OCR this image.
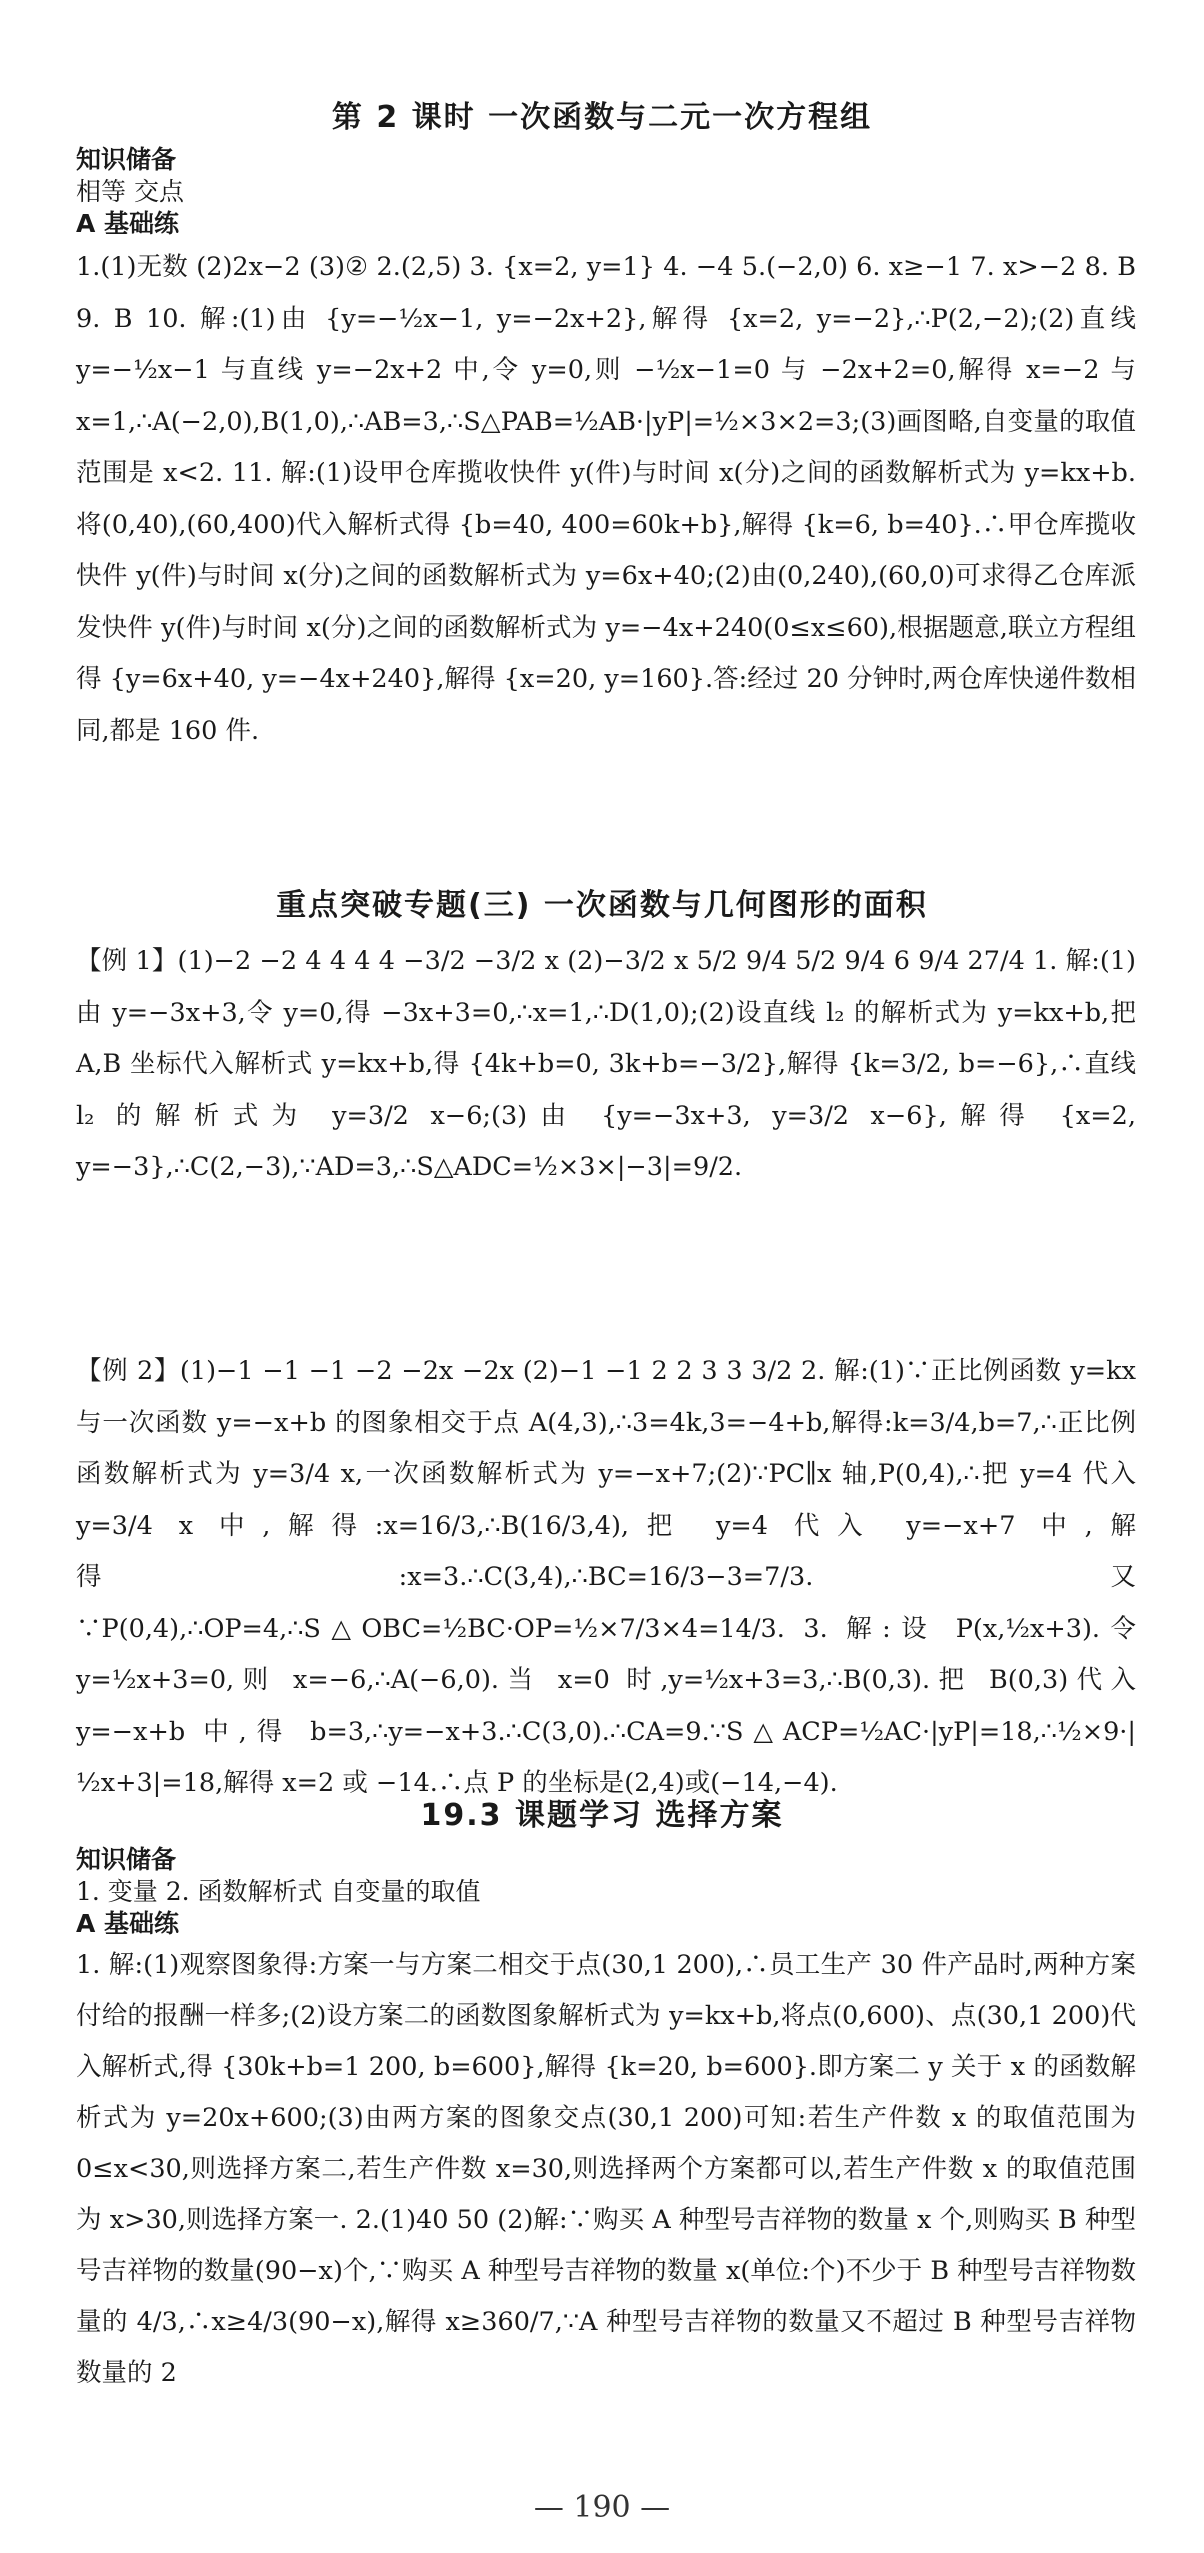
第 2 课时 一次函数与二元一次方程组
知识储备
相等 交点
A 基础练

1.(1)无数 (2)2x−2 (3)② 2.(2,5) 3. {x=2, y=1} 4. −4 5.(−2,0) 6. x≥−1 7. x>−2 8. B 9. B 10. 解:(1)由 {y=−½x−1, y=−2x+2},解得 {x=2, y=−2},∴P(2,−2);(2)直线 y=−½x−1 与直线 y=−2x+2 中,令 y=0,则 −½x−1=0 与 −2x+2=0,解得 x=−2 与 x=1,∴A(−2,0),B(1,0),∴AB=3,∴S△PAB=½AB·|yP|=½×3×2=3;(3)画图略,自变量的取值范围是 x<2. 11. 解:(1)设甲仓库揽收快件 y(件)与时间 x(分)之间的函数解析式为 y=kx+b.将(0,40),(60,400)代入解析式得 {b=40, 400=60k+b},解得 {k=6, b=40}.∴甲仓库揽收快件 y(件)与时间 x(分)之间的函数解析式为 y=6x+40;(2)由(0,240),(60,0)可求得乙仓库派发快件 y(件)与时间 x(分)之间的函数解析式为 y=−4x+240(0≤x≤60),根据题意,联立方程组得 {y=6x+40, y=−4x+240},解得 {x=20, y=160}.答:经过 20 分钟时,两仓库快递件数相同,都是 160 件.

重点突破专题(三) 一次函数与几何图形的面积

【例 1】(1)−2 −2 4 4 4 4 −3/2 −3/2 x (2)−3/2 x 5/2 9/4 5/2 9/4 6 9/4 27/4 1. 解:(1)由 y=−3x+3,令 y=0,得 −3x+3=0,∴x=1,∴D(1,0);(2)设直线 l₂ 的解析式为 y=kx+b,把 A,B 坐标代入解析式 y=kx+b,得 {4k+b=0, 3k+b=−3/2},解得 {k=3/2, b=−6},∴直线 l₂ 的解析式为 y=3/2 x−6;(3)由 {y=−3x+3, y=3/2 x−6},解得 {x=2, y=−3},∴C(2,−3),∵AD=3,∴S△ADC=½×3×|−3|=9/2.

【例 2】(1)−1 −1 −1 −2 −2x −2x (2)−1 −1 2 2 3 3 3/2 2. 解:(1)∵正比例函数 y=kx 与一次函数 y=−x+b 的图象相交于点 A(4,3),∴3=4k,3=−4+b,解得:k=3/4,b=7,∴正比例函数解析式为 y=3/4 x,一次函数解析式为 y=−x+7;(2)∵PC∥x 轴,P(0,4),∴把 y=4 代入 y=3/4 x 中,解得:x=16/3,∴B(16/3,4),把 y=4 代入 y=−x+7 中,解得:x=3.∴C(3,4),∴BC=16/3−3=7/3.又∵P(0,4),∴OP=4,∴S△OBC=½BC·OP=½×7/3×4=14/3. 3. 解:设 P(x,½x+3).令 y=½x+3=0,则 x=−6,∴A(−6,0).当 x=0 时,y=½x+3=3,∴B(0,3).把 B(0,3)代入 y=−x+b 中,得 b=3,∴y=−x+3.∴C(3,0).∴CA=9.∵S△ACP=½AC·|yP|=18,∴½×9·|½x+3|=18,解得 x=2 或 −14.∴点 P 的坐标是(2,4)或(−14,−4).

19.3 课题学习 选择方案
知识储备
1. 变量 2. 函数解析式 自变量的取值
A 基础练

1. 解:(1)观察图象得:方案一与方案二相交于点(30,1 200),∴员工生产 30 件产品时,两种方案付给的报酬一样多;(2)设方案二的函数图象解析式为 y=kx+b,将点(0,600)、点(30,1 200)代入解析式,得 {30k+b=1 200, b=600},解得 {k=20, b=600}.即方案二 y 关于 x 的函数解析式为 y=20x+600;(3)由两方案的图象交点(30,1 200)可知:若生产件数 x 的取值范围为 0≤x<30,则选择方案二,若生产件数 x=30,则选择两个方案都可以,若生产件数 x 的取值范围为 x>30,则选择方案一. 2.(1)40 50 (2)解:∵购买 A 种型号吉祥物的数量 x 个,则购买 B 种型号吉祥物的数量(90−x)个,∵购买 A 种型号吉祥物的数量 x(单位:个)不少于 B 种型号吉祥物数量的 4/3,∴x≥4/3(90−x),解得 x≥360/7,∵A 种型号吉祥物的数量又不超过 B 种型号吉祥物数量的 2

— 190 —
